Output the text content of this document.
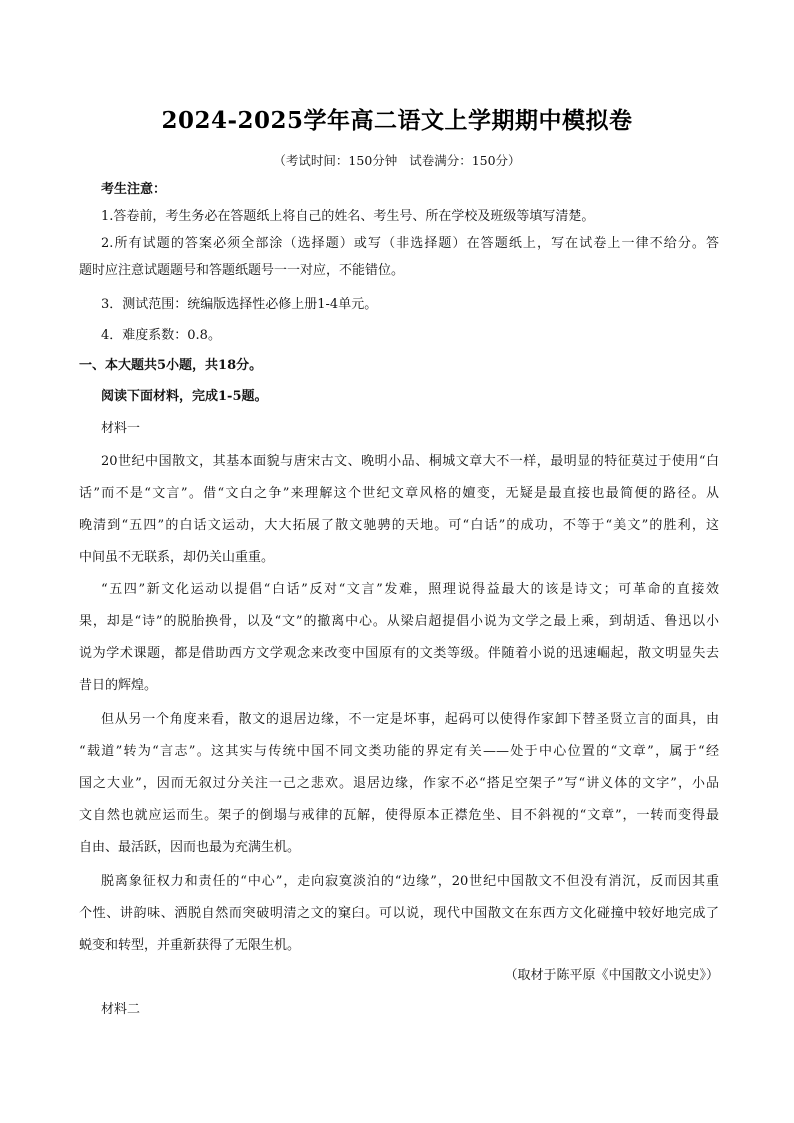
2024-2025学年高二语文上学期期中模拟卷
（考试时间：150分钟   试卷满分：150分）
考生注意：
1.答卷前，考生务必在答题纸上将自己的姓名、考生号、所在学校及班级等填写清楚。
2.所有试题的答案必须全部涂（选择题）或写（非选择题）在答题纸上，写在试卷上一律不给分。答
题时应注意试题题号和答题纸题号一一对应，不能错位。
3．测试范围：统编版选择性必修上册1-4单元。
4．难度系数：0.8。
一、本大题共5小题，共18分。
阅读下面材料，完成1-5题。
材料一
20世纪中国散文，其基本面貌与唐宋古文、晚明小品、桐城文章大不一样，最明显的特征莫过于使用“白
话”而不是“文言”。借“文白之争”来理解这个世纪文章风格的嬗变，无疑是最直接也最简便的路径。从
晚清到“五四”的白话文运动，大大拓展了散文驰骋的天地。可“白话”的成功，不等于“美文”的胜利，这
中间虽不无联系，却仍关山重重。
“五四”新文化运动以提倡“白话”反对“文言”发难，照理说得益最大的该是诗文；可革命的直接效
果，却是“诗”的脱胎换骨，以及“文”的撤离中心。从梁启超提倡小说为文学之最上乘，到胡适、鲁迅以小
说为学术课题，都是借助西方文学观念来改变中国原有的文类等级。伴随着小说的迅速崛起，散文明显失去
昔日的辉煌。
但从另一个角度来看，散文的退居边缘，不一定是坏事，起码可以使得作家卸下替圣贤立言的面具，由
“载道”转为“言志”。这其实与传统中国不同文类功能的界定有关——处于中心位置的“文章”，属于“经
国之大业”，因而无叙过分关注一己之悲欢。退居边缘，作家不必“搭足空架子”写“讲义体的文字”，小品
文自然也就应运而生。架子的倒塌与戒律的瓦解，使得原本正襟危坐、目不斜视的“文章”，一转而变得最
自由、最活跃，因而也最为充满生机。
脱离象征权力和责任的“中心”，走向寂寞淡泊的“边缘”，20世纪中国散文不但没有消沉，反而因其重
个性、讲韵味、洒脱自然而突破明清之文的窠臼。可以说，现代中国散文在东西方文化碰撞中较好地完成了
蜕变和转型，并重新获得了无限生机。
（取材于陈平原《中国散文小说史》）
材料二
